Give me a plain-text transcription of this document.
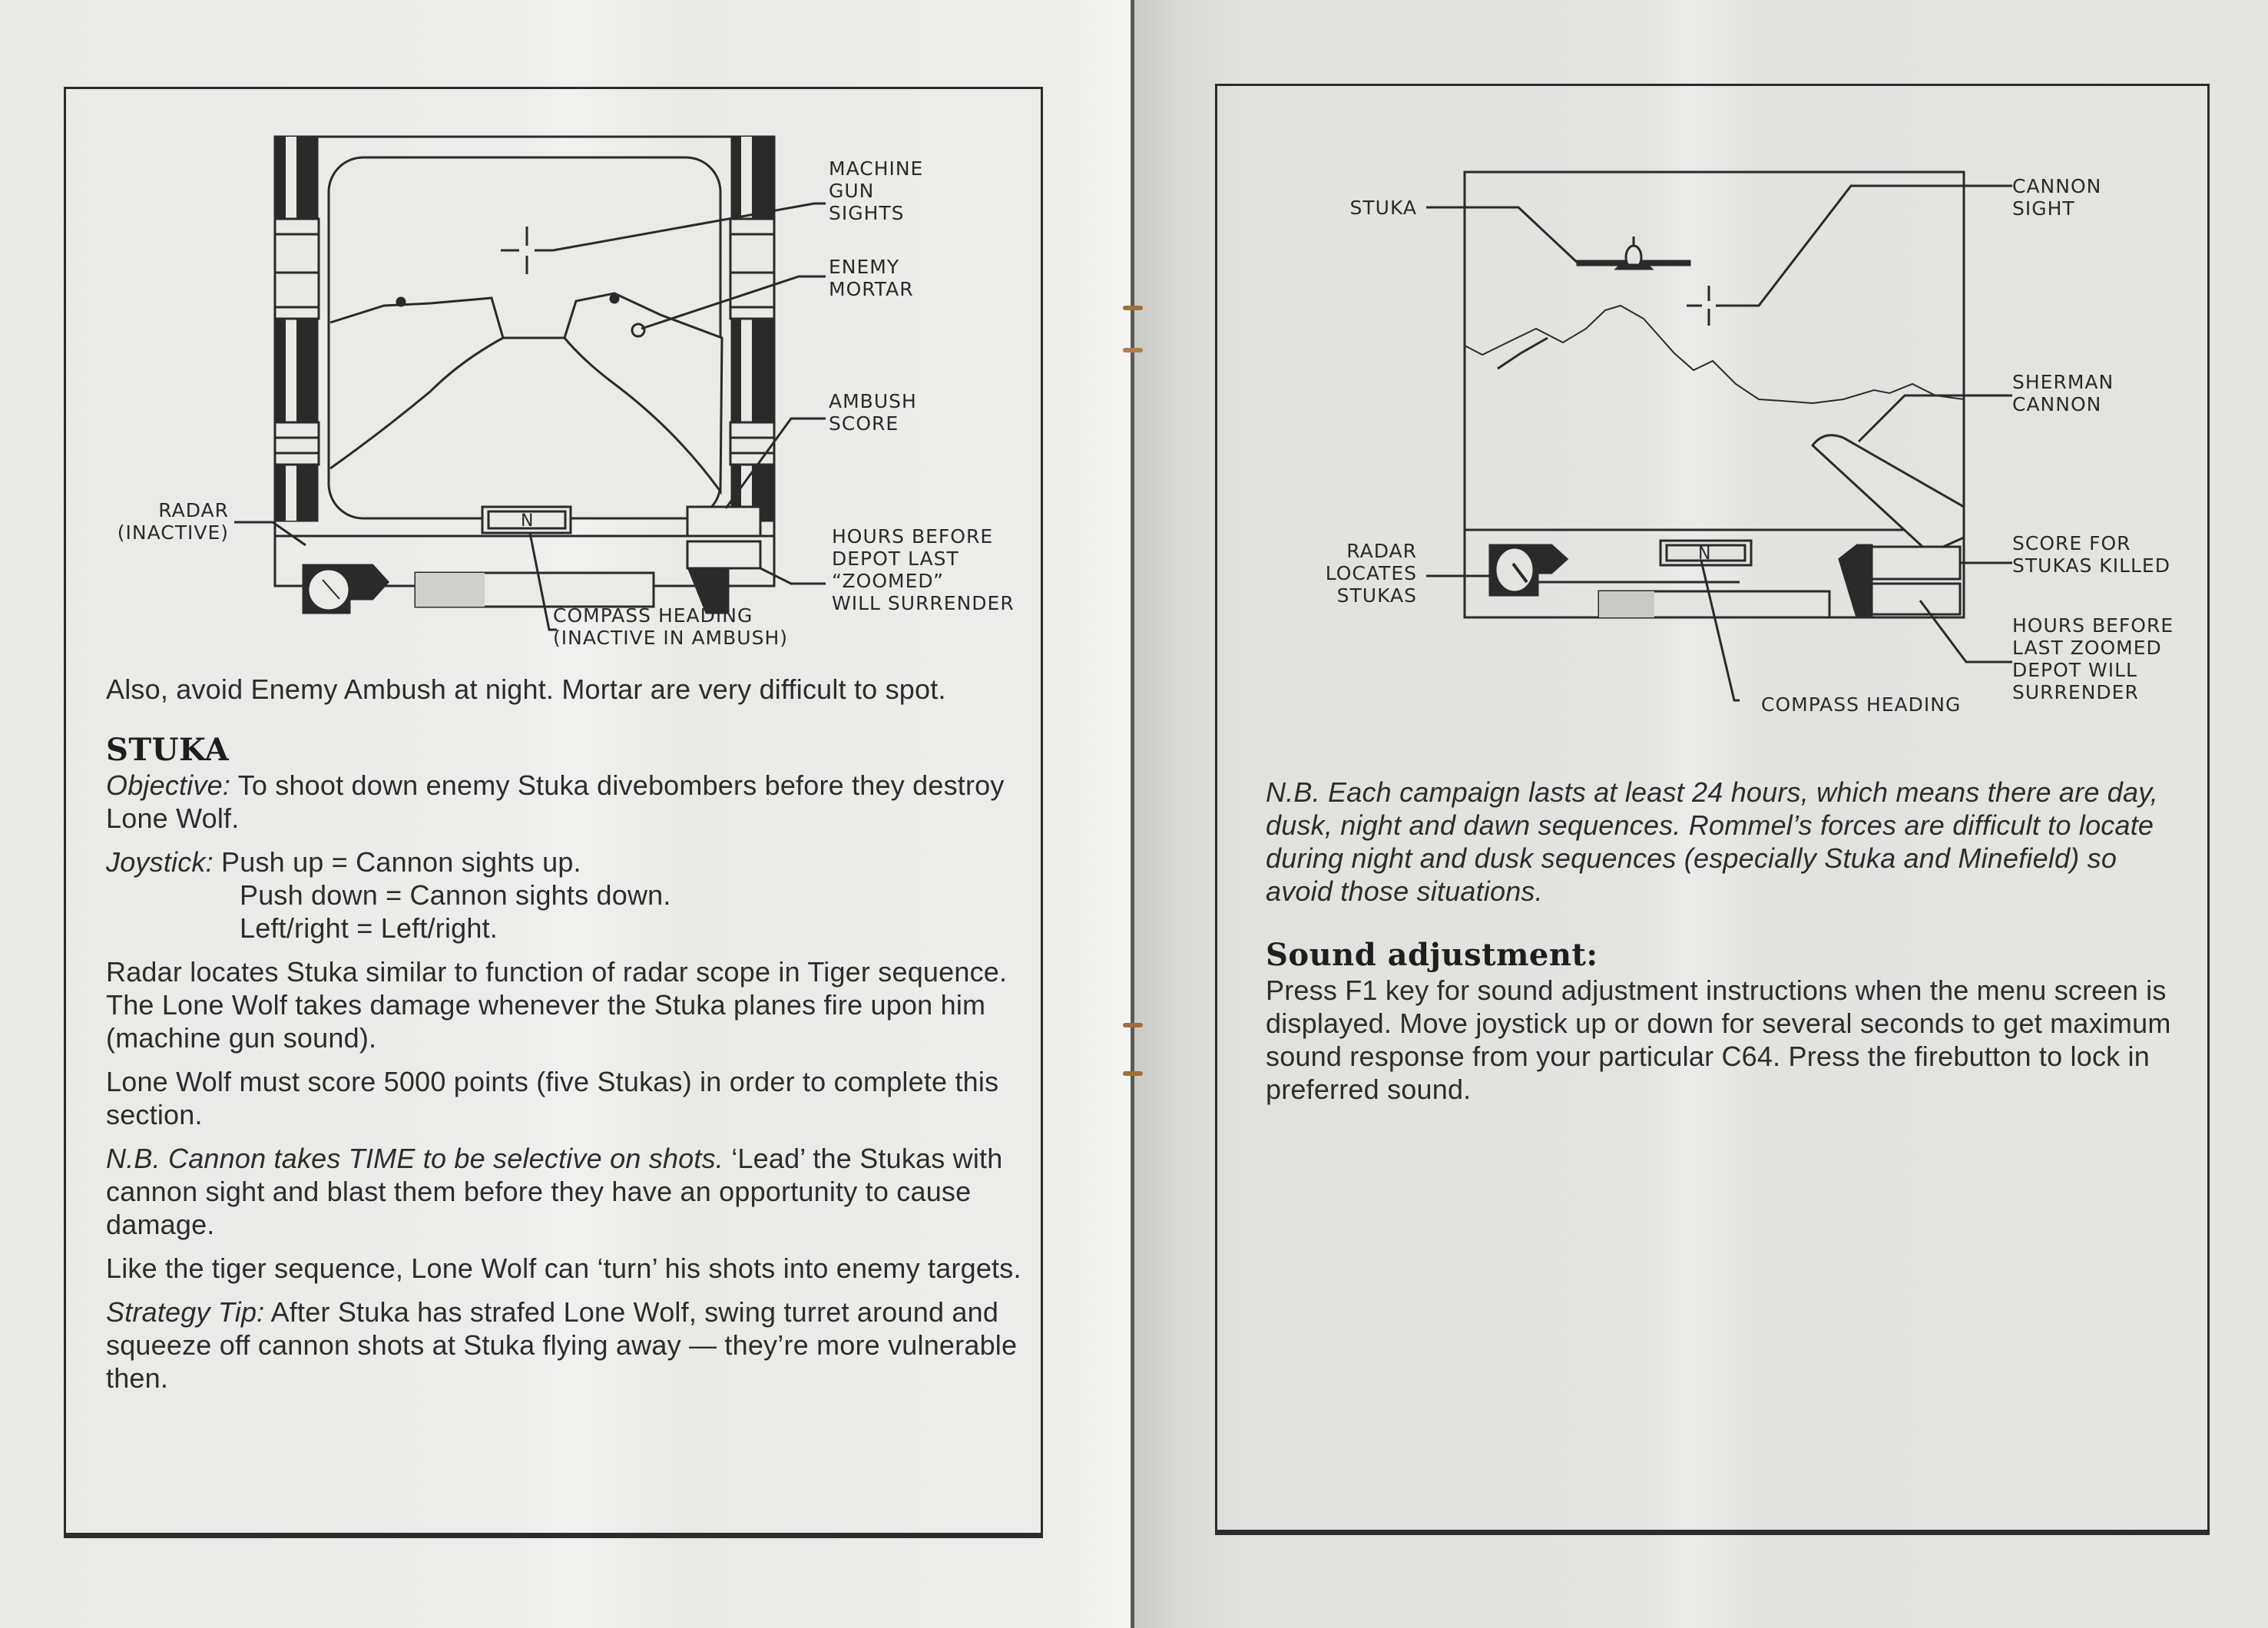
N
MACHINE
GUN
SIGHTS
ENEMY
MORTAR
AMBUSH
SCORE
HOURS BEFORE
DEPOT LAST
“ZOOMED”
WILL SURRENDER
RADAR
(INACTIVE)
COMPASS HEADING
(INACTIVE IN AMBUSH)

Also, avoid Enemy Ambush at night. Mortar are very difficult to spot.

STUKA

Objective: To shoot down enemy Stuka divebombers before they destroy Lone Wolf.

Joystick: Push up = Cannon sights up.
Push down = Cannon sights down.
Left/right = Left/right.

Radar locates Stuka similar to function of radar scope in Tiger sequence. The Lone Wolf takes damage whenever the Stuka planes fire upon him (machine gun sound).

Lone Wolf must score 5000 points (five Stukas) in order to complete this section.

N.B. Cannon takes TIME to be selective on shots. ‘Lead’ the Stukas with cannon sight and blast them before they have an opportunity to cause damage.

Like the tiger sequence, Lone Wolf can ‘turn’ his shots into enemy targets.

Strategy Tip: After Stuka has strafed Lone Wolf, swing turret around and squeeze off cannon shots at Stuka flying away — they’re more vulnerable then.

N
STUKA
CANNON
SIGHT
SHERMAN
CANNON
RADAR
LOCATES
STUKAS
SCORE FOR
STUKAS KILLED
HOURS BEFORE
LAST ZOOMED
DEPOT WILL
SURRENDER
COMPASS HEADING

N.B. Each campaign lasts at least 24 hours, which means there are day, dusk, night and dawn sequences. Rommel’s forces are difficult to locate during night and dusk sequences (especially Stuka and Minefield) so avoid those situations.

Sound adjustment:

Press F1 key for sound adjustment instructions when the menu screen is displayed. Move joystick up or down for several seconds to get maximum sound response from your particular C64. Press the firebutton to lock in preferred sound.
